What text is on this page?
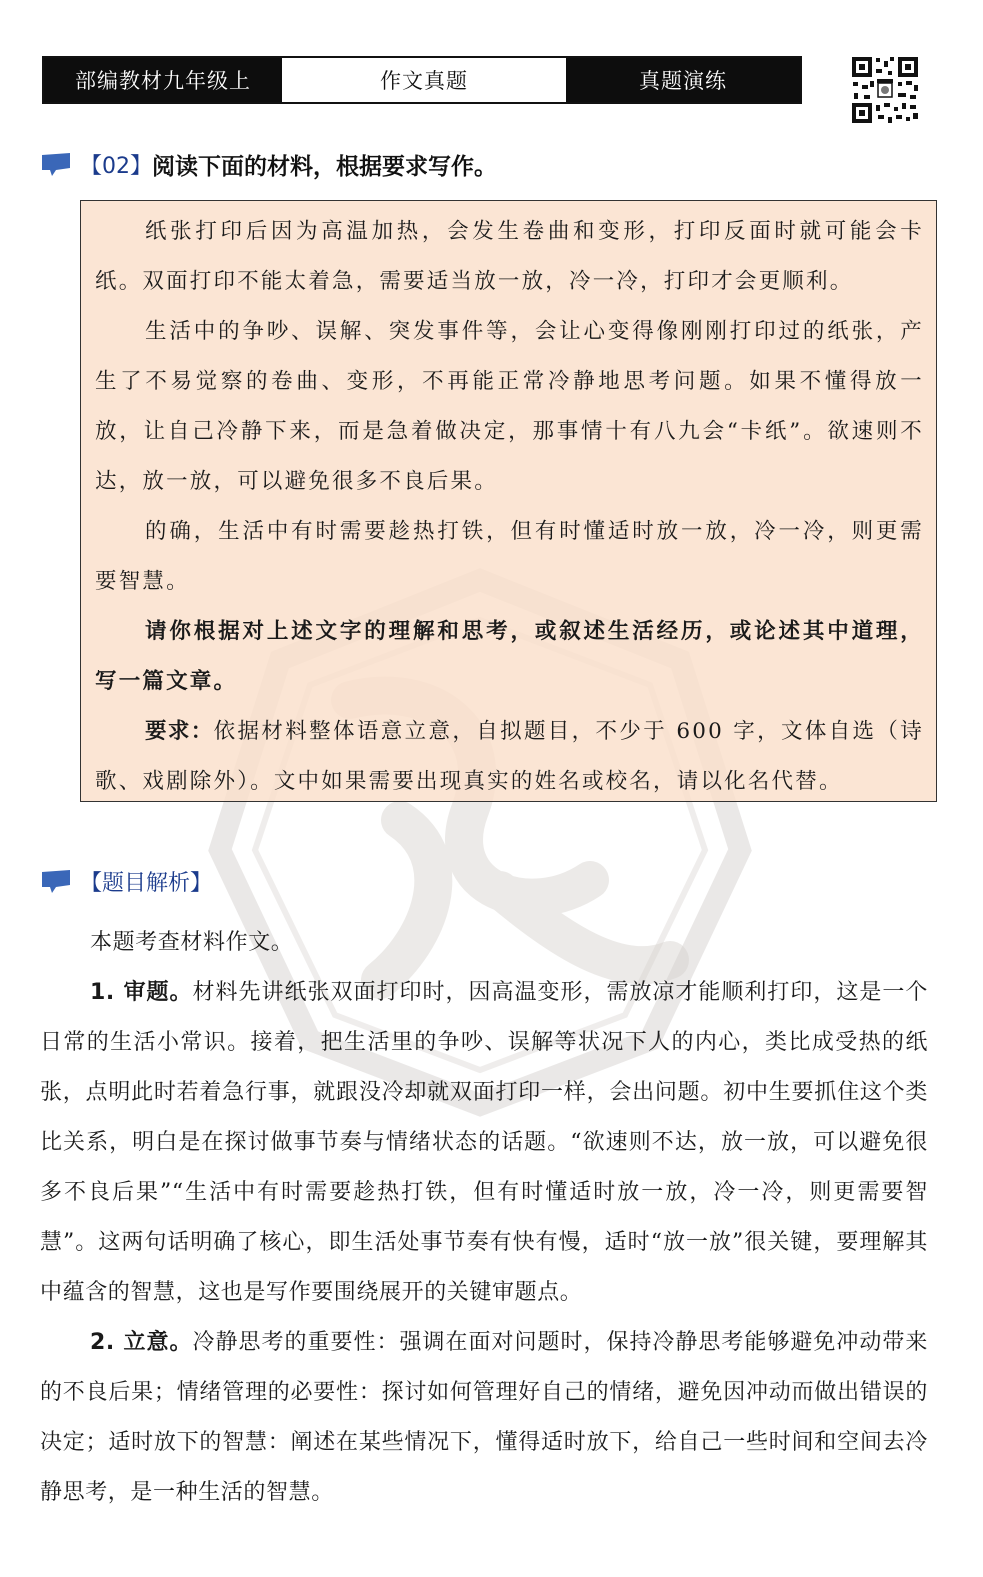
部编教材九年级上	作文真题	真题演练
【02】 阅读下面的材料，根据要求写作。

纸张打印后因为高温加热，会发生卷曲和变形，打印反面时就可能会卡纸。双面打印不能太着急，需要适当放一放，冷一冷，打印才会更顺利。

生活中的争吵、误解、突发事件等，会让心变得像刚刚打印过的纸张，产生了不易觉察的卷曲、变形，不再能正常冷静地思考问题。如果不懂得放一放，让自己冷静下来，而是急着做决定，那事情十有八九会“卡纸”。欲速则不达，放一放，可以避免很多不良后果。

的确，生活中有时需要趁热打铁，但有时懂适时放一放，冷一冷，则更需要智慧。

请你根据对上述文字的理解和思考，或叙述生活经历，或论述其中道理，写一篇文章。

要求：依据材料整体语意立意，自拟题目，不少于 600 字，文体自选（诗歌、戏剧除外）。文中如果需要出现真实的姓名或校名，请以化名代替。

【题目解析】

本题考查材料作文。

1. 审题。材料先讲纸张双面打印时，因高温变形，需放凉才能顺利打印，这是一个日常的生活小常识。接着，把生活里的争吵、误解等状况下人的内心，类比成受热的纸张，点明此时若着急行事，就跟没冷却就双面打印一样，会出问题。初中生要抓住这个类比关系，明白是在探讨做事节奏与情绪状态的话题。“欲速则不达，放一放，可以避免很多不良后果”“生活中有时需要趁热打铁，但有时懂适时放一放，冷一冷，则更需要智慧”。这两句话明确了核心，即生活处事节奏有快有慢，适时“放一放”很关键，要理解其中蕴含的智慧，这也是写作要围绕展开的关键审题点。

2. 立意。冷静思考的重要性：强调在面对问题时，保持冷静思考能够避免冲动带来的不良后果；情绪管理的必要性：探讨如何管理好自己的情绪，避免因冲动而做出错误的决定；适时放下的智慧：阐述在某些情况下，懂得适时放下，给自己一些时间和空间去冷静思考，是一种生活的智慧。
